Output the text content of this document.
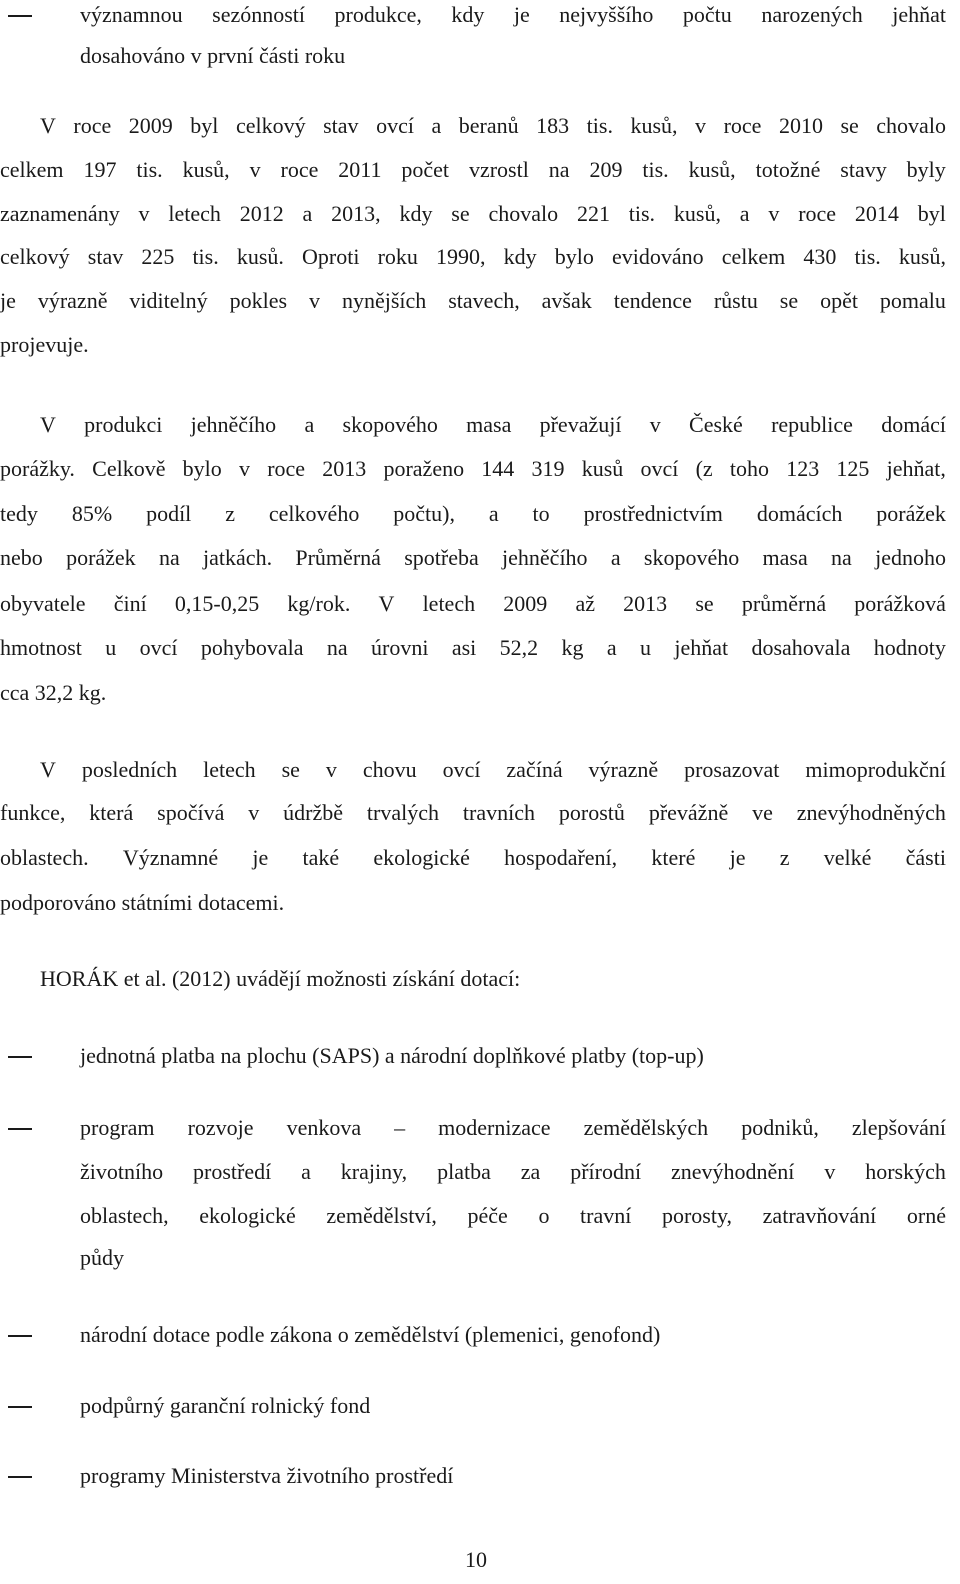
významnou sezónností produkce, kdy je nejvyššího počtu narozených jehňat
dosahováno v první části roku
V roce 2009 byl celkový stav ovcí a beranů 183 tis. kusů, v roce 2010 se chovalo
celkem 197 tis. kusů, v roce 2011 počet vzrostl na 209 tis. kusů, totožné stavy byly
zaznamenány v letech 2012 a 2013, kdy se chovalo 221 tis. kusů, a v roce 2014 byl
celkový stav 225 tis. kusů. Oproti roku 1990, kdy bylo evidováno celkem 430 tis. kusů,
je výrazně viditelný pokles v nynějších stavech, avšak tendence růstu se opět pomalu
projevuje.
V produkci jehněčího a skopového masa převažují v České republice domácí
porážky. Celkově bylo v roce 2013 poraženo 144 319 kusů ovcí (z toho 123 125 jehňat,
tedy 85% podíl z celkového počtu), a to prostřednictvím domácích porážek
nebo porážek na jatkách. Průměrná spotřeba jehněčího a skopového masa na jednoho
obyvatele činí 0,15-0,25 kg/rok. V letech 2009 až 2013 se průměrná porážková
hmotnost u ovcí pohybovala na úrovni asi 52,2 kg a u jehňat dosahovala hodnoty
cca 32,2 kg.
V posledních letech se v chovu ovcí začíná výrazně prosazovat mimoprodukční
funkce, která spočívá v údržbě trvalých travních porostů převážně ve znevýhodněných
oblastech. Významné je také ekologické hospodaření, které je z velké části
podporováno státními dotacemi.
HORÁK et al. (2012) uvádějí možnosti získání dotací:
jednotná platba na plochu (SAPS) a národní doplňkové platby (top-up)
program rozvoje venkova – modernizace zemědělských podniků, zlepšování
životního prostředí a krajiny, platba za přírodní znevýhodnění v horských
oblastech, ekologické zemědělství, péče o travní porosty, zatravňování orné
půdy
národní dotace podle zákona o zemědělství (plemenici, genofond)
podpůrný garanční rolnický fond
programy Ministerstva životního prostředí
10
